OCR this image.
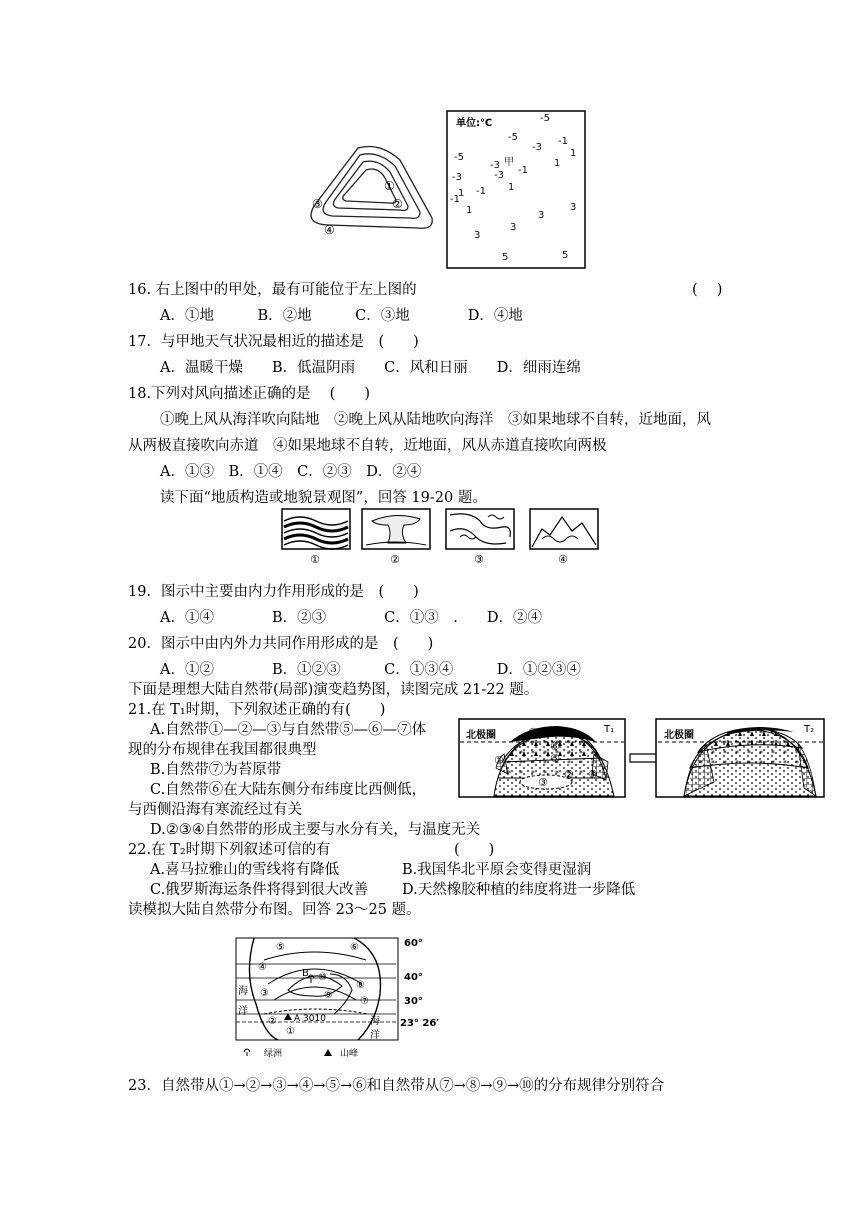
①
②
③
④
单位:℃	-5
-5
-3
-1
1
-5
1
-3 甲
-3
-1
1
-3
-1
1
-1
1	3
3
3
3
5	5
16. 右上图中的甲处，最有可能位于左上图的	(　 )
A．①地　　　B．②地　　　C．③地　　　　D．④地
17．与甲地天气状况最相近的描述是　(　　)
A．温暖干燥　　B．低温阴雨　　C．风和日丽　　D．细雨连绵
18.下列对风向描述正确的是　 (　　)
①晚上风从海洋吹向陆地　②晚上风从陆地吹向海洋　③如果地球不自转，近地面，风
从两极直接吹向赤道　④如果地球不自转，近地面，风从赤道直接吹向两极
A．①③　B．①④　C．②③　D．②④
读下面“地质构造或地貌景观图”，回答 19-20 题。
①	②	③	④
19．图示中主要由内力作用形成的是　(　　)
A．①④　　　　B．②③　　　　C．①③　.　　D．②④
20．图示中由内外力共同作用形成的是　(　　)
A．①②　　　　B．①②③　　　C．①③④　　　D．①②③④
下面是理想大陆自然带(局部)演变趋势图，读图完成 21-22 题。
21.在 T₁时期，下列叙述正确的有(　　)
A.自然带①—②—③与自然带⑤—⑥—⑦体
现的分布规律在我国都很典型
B.自然带⑦为苔原带
C.自然带⑥在大陆东侧分布纬度比西侧低，
与西侧沿海有寒流经过有关
D.②③④自然带的形成主要与水分有关，与温度无关
北极圈
T₁
⑦
⑥
⑤
①
②
③
④
北极圈
T₂
22.在 T₂时期下列叙述可信的有	(　　)
A.喜马拉雅山的雪线将有降低	B.我国华北平原会变得更湿润
C.俄罗斯海运条件将得到很大改善 D.天然橡胶种植的纬度将进一步降低
读模拟大陆自然带分布图。回答 23～25 题。
⑤	⑥
④
B ⑩
⑧
③	⑨
⑦
②
①
A 3010
海
洋
海
洋
60°
40°
30°
23° 26′
绿洲	山峰
23．自然带从①→②→③→④→⑤→⑥和自然带从⑦→⑧→⑨→⑩的分布规律分别符合
